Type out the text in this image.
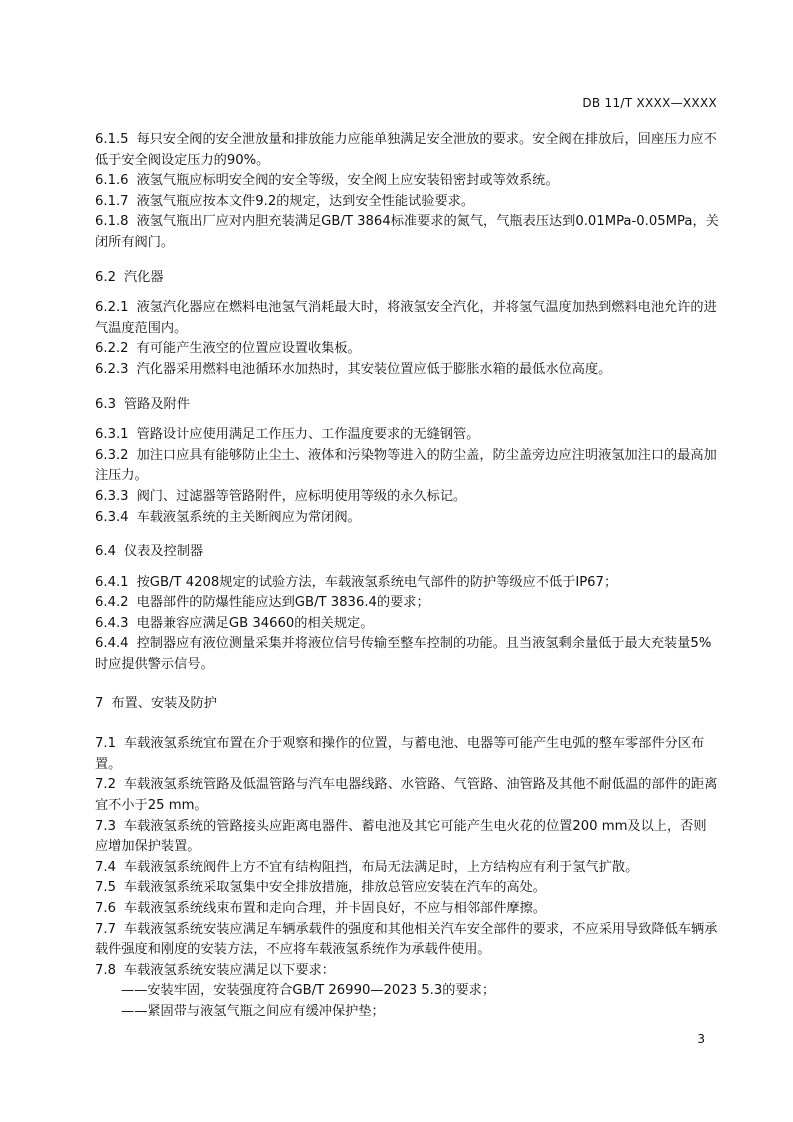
DB 11/T XXXX—XXXX

6.1.5 每只安全阀的安全泄放量和排放能力应能单独满足安全泄放的要求。安全阀在排放后，回座压力应不低于安全阀设定压力的90%。

6.1.6 液氢气瓶应标明安全阀的安全等级，安全阀上应安装铅密封或等效系统。

6.1.7 液氢气瓶应按本文件9.2的规定，达到安全性能试验要求。

6.1.8 液氢气瓶出厂应对内胆充装满足GB/T 3864标准要求的氮气，气瓶表压达到0.01MPa-0.05MPa，关闭所有阀门。

6.2 汽化器

6.2.1 液氢汽化器应在燃料电池氢气消耗最大时，将液氢安全汽化，并将氢气温度加热到燃料电池允许的进气温度范围内。

6.2.2 有可能产生液空的位置应设置收集板。

6.2.3 汽化器采用燃料电池循环水加热时，其安装位置应低于膨胀水箱的最低水位高度。

6.3 管路及附件

6.3.1 管路设计应使用满足工作压力、工作温度要求的无缝钢管。

6.3.2 加注口应具有能够防止尘土、液体和污染物等进入的防尘盖，防尘盖旁边应注明液氢加注口的最高加注压力。

6.3.3 阀门、过滤器等管路附件，应标明使用等级的永久标记。

6.3.4 车载液氢系统的主关断阀应为常闭阀。

6.4 仪表及控制器

6.4.1 按GB/T 4208规定的试验方法，车载液氢系统电气部件的防护等级应不低于IP67；

6.4.2 电器部件的防爆性能应达到GB/T 3836.4的要求；

6.4.3 电器兼容应满足GB 34660的相关规定。

6.4.4 控制器应有液位测量采集并将液位信号传输至整车控制的功能。且当液氢剩余量低于最大充装量5%时应提供警示信号。

7 布置、安装及防护

7.1 车载液氢系统宜布置在介于观察和操作的位置，与蓄电池、电器等可能产生电弧的整车零部件分区布置。

7.2 车载液氢系统管路及低温管路与汽车电器线路、水管路、气管路、油管路及其他不耐低温的部件的距离宜不小于25 mm。

7.3 车载液氢系统的管路接头应距离电器件、蓄电池及其它可能产生电火花的位置200 mm及以上，否则应增加保护装置。

7.4 车载液氢系统阀件上方不宜有结构阻挡，布局无法满足时，上方结构应有利于氢气扩散。

7.5 车载液氢系统采取氢集中安全排放措施，排放总管应安装在汽车的高处。

7.6 车载液氢系统线束布置和走向合理，并卡固良好，不应与相邻部件摩擦。

7.7 车载液氢系统安装应满足车辆承载件的强度和其他相关汽车安全部件的要求，不应采用导致降低车辆承载件强度和刚度的安装方法，不应将车载液氢系统作为承载件使用。

7.8 车载液氢系统安装应满足以下要求：

——安装牢固，安装强度符合GB/T 26990—2023 5.3的要求；

——紧固带与液氢气瓶之间应有缓冲保护垫；

3
